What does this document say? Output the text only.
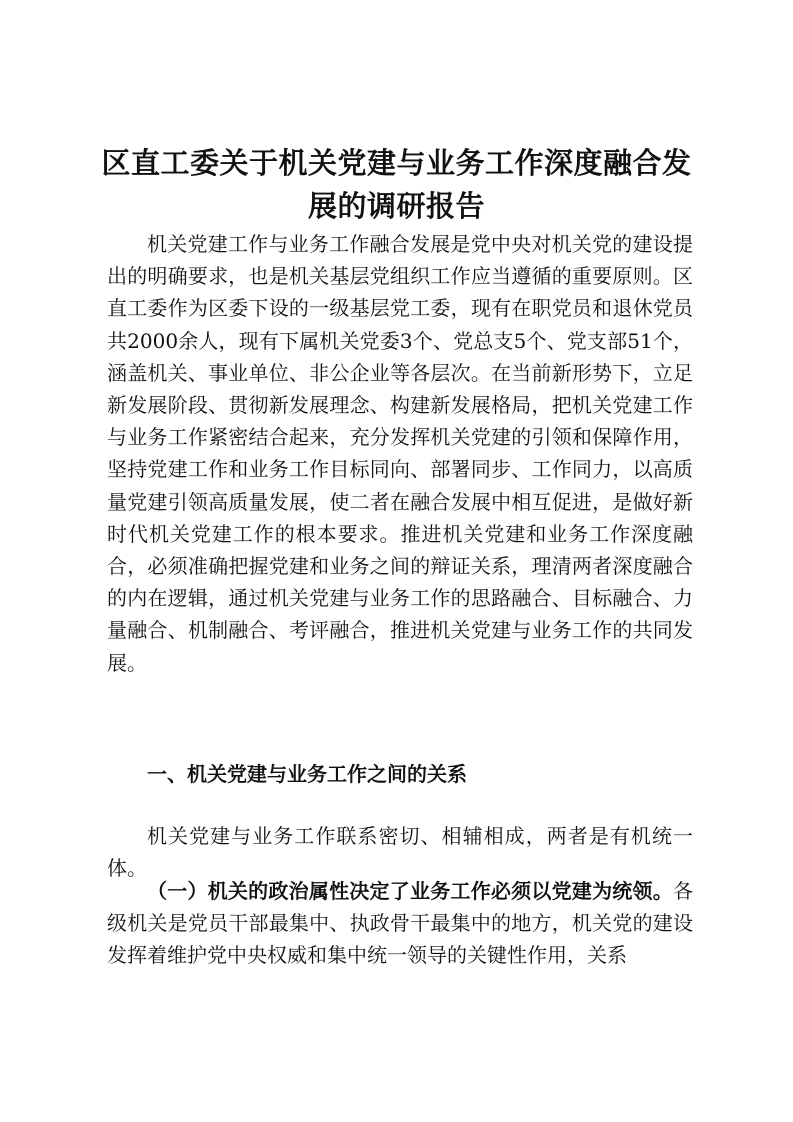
区直工委关于机关党建与业务工作深度融合发展的调研报告

机关党建工作与业务工作融合发展是党中央对机关党的建设提出的明确要求，也是机关基层党组织工作应当遵循的重要原则。区直工委作为区委下设的一级基层党工委，现有在职党员和退休党员共2000余人，现有下属机关党委3个、党总支5个、党支部51个，涵盖机关、事业单位、非公企业等各层次。在当前新形势下，立足新发展阶段、贯彻新发展理念、构建新发展格局，把机关党建工作与业务工作紧密结合起来，充分发挥机关党建的引领和保障作用，坚持党建工作和业务工作目标同向、部署同步、工作同力，以高质量党建引领高质量发展，使二者在融合发展中相互促进，是做好新时代机关党建工作的根本要求。推进机关党建和业务工作深度融合，必须准确把握党建和业务之间的辩证关系，理清两者深度融合的内在逻辑，通过机关党建与业务工作的思路融合、目标融合、力量融合、机制融合、考评融合，推进机关党建与业务工作的共同发展。

一、机关党建与业务工作之间的关系

机关党建与业务工作联系密切、相辅相成，两者是有机统一体。

（一）机关的政治属性决定了业务工作必须以党建为统领。各级机关是党员干部最集中、执政骨干最集中的地方，机关党的建设发挥着维护党中央权威和集中统一领导的关键性作用，关系
